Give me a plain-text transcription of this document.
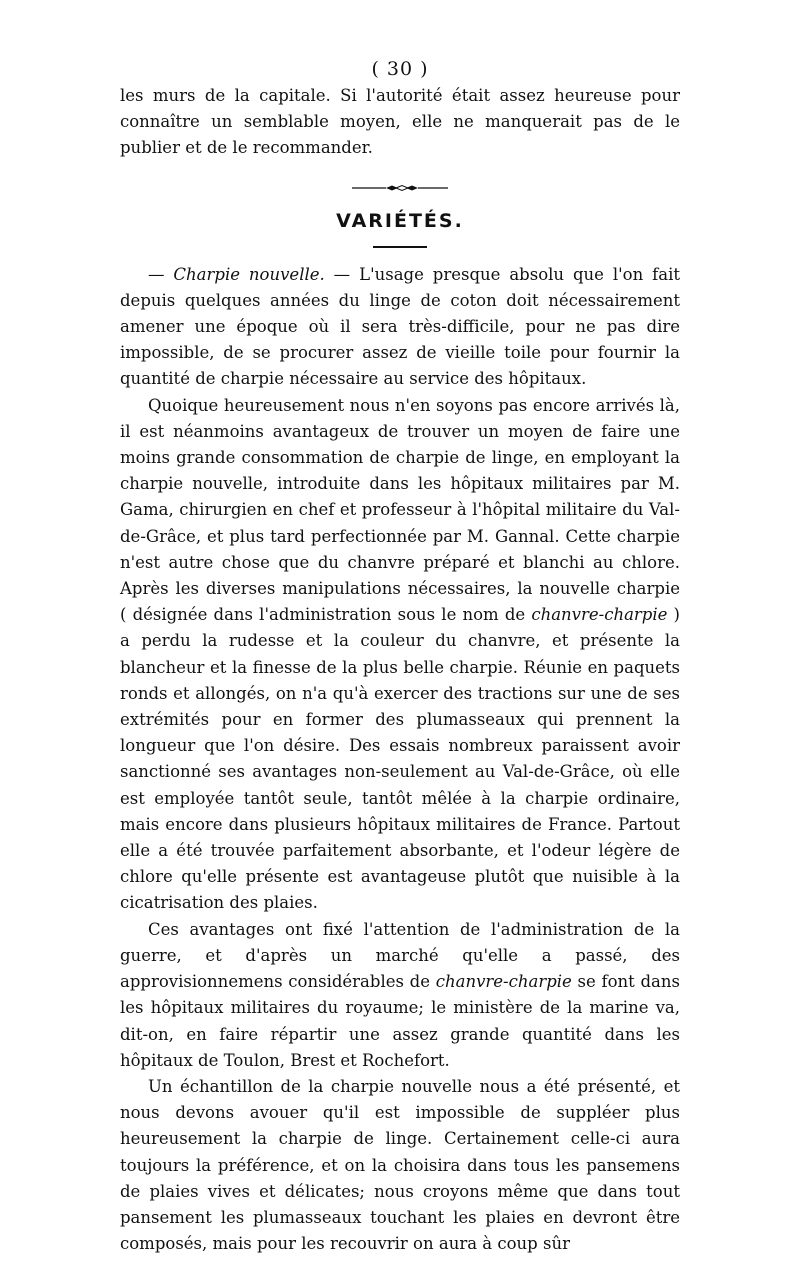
( 30 )

les murs de la capitale. Si l'autorité était assez heureuse pour connaître un semblable moyen, elle ne manquerait pas de le publier et de le recommander.

VARIÉTÉS.

— Charpie nouvelle. — L'usage presque absolu que l'on fait depuis quelques années du linge de coton doit nécessairement amener une époque où il sera très-difficile, pour ne pas dire impossible, de se procurer assez de vieille toile pour fournir la quantité de charpie nécessaire au service des hôpitaux.

Quoique heureusement nous n'en soyons pas encore arrivés là, il est néanmoins avantageux de trouver un moyen de faire une moins grande consommation de charpie de linge, en employant la charpie nouvelle, introduite dans les hôpitaux militaires par M. Gama, chirurgien en chef et professeur à l'hôpital militaire du Val-de-Grâce, et plus tard perfectionnée par M. Gannal. Cette charpie n'est autre chose que du chanvre préparé et blanchi au chlore. Après les diverses manipulations nécessaires, la nouvelle charpie ( désignée dans l'administration sous le nom de chanvre-charpie ) a perdu la rudesse et la couleur du chanvre, et présente la blancheur et la finesse de la plus belle charpie. Réunie en paquets ronds et allongés, on n'a qu'à exercer des tractions sur une de ses extrémités pour en former des plumasseaux qui prennent la longueur que l'on désire. Des essais nombreux paraissent avoir sanctionné ses avantages non-seulement au Val-de-Grâce, où elle est employée tantôt seule, tantôt mêlée à la charpie ordinaire, mais encore dans plusieurs hôpitaux militaires de France. Partout elle a été trouvée parfaitement absorbante, et l'odeur légère de chlore qu'elle présente est avantageuse plutôt que nuisible à la cicatrisation des plaies.

Ces avantages ont fixé l'attention de l'administration de la guerre, et d'après un marché qu'elle a passé, des approvisionnemens considérables de chanvre-charpie se font dans les hôpitaux militaires du royaume; le ministère de la marine va, dit-on, en faire répartir une assez grande quantité dans les hôpitaux de Toulon, Brest et Rochefort.

Un échantillon de la charpie nouvelle nous a été présenté, et nous devons avouer qu'il est impossible de suppléer plus heureusement la charpie de linge. Certainement celle-ci aura toujours la préférence, et on la choisira dans tous les pansemens de plaies vives et délicates; nous croyons même que dans tout pansement les plumasseaux touchant les plaies en devront être composés, mais pour les recouvrir on aura à coup sûr
